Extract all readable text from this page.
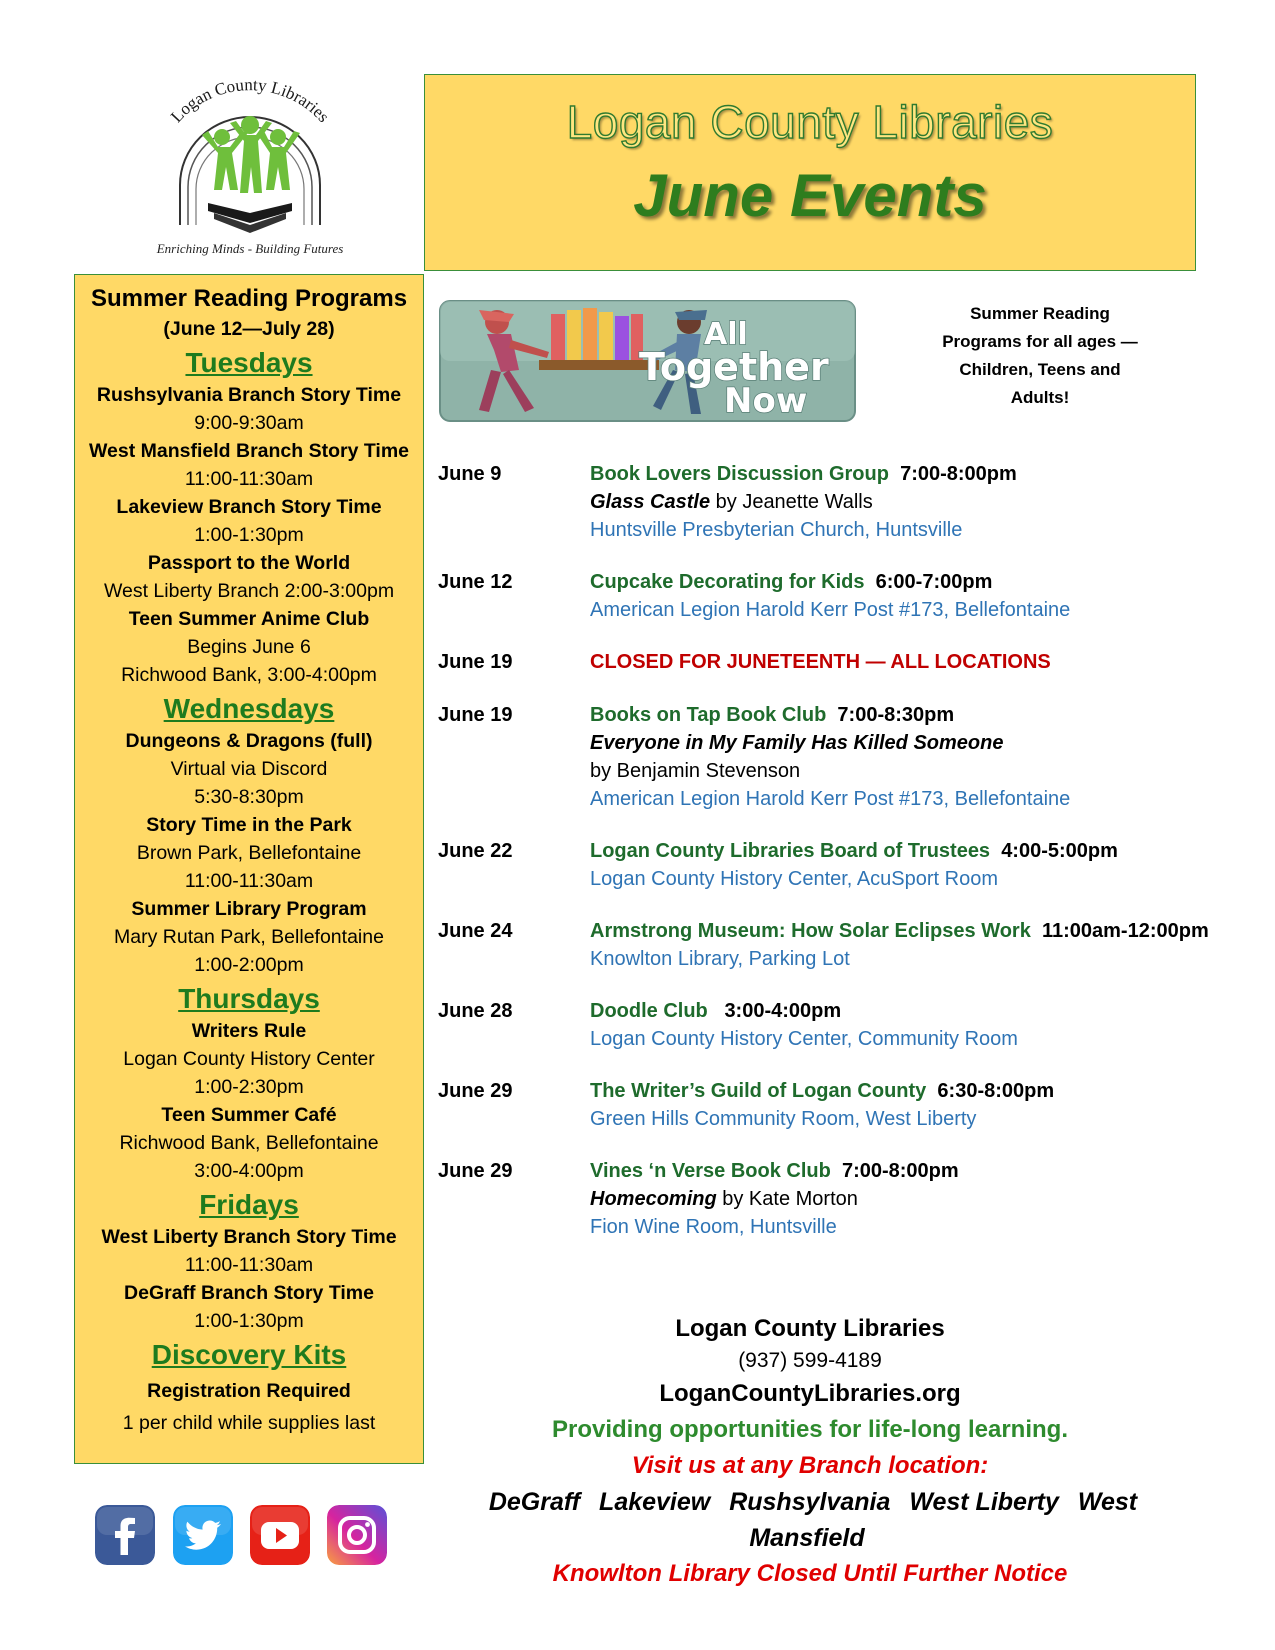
Logan County Libraries
Enriching Minds - Building Futures
Logan County Libraries
June Events
Summer Reading Programs
(June 12—July 28)
Tuesdays
Rushsylvania Branch Story Time
9:00-9:30am
West Mansfield Branch Story Time
11:00-11:30am
Lakeview Branch Story Time
1:00-1:30pm
Passport to the World
West Liberty Branch 2:00-3:00pm
Teen Summer Anime Club
Begins June 6
Richwood Bank, 3:00-4:00pm
Wednesdays
Dungeons & Dragons (full)
Virtual via Discord
5:30-8:30pm
Story Time in the Park
Brown Park, Bellefontaine
11:00-11:30am
Summer Library Program
Mary Rutan Park, Bellefontaine
1:00-2:00pm
Thursdays
Writers Rule
Logan County History Center
1:00-2:30pm
Teen Summer Café
Richwood Bank, Bellefontaine
3:00-4:00pm
Fridays
West Liberty Branch Story Time
11:00-11:30am
DeGraff Branch Story Time
1:00-1:30pm
Discovery Kits
Registration Required
1 per child while supplies last
All
Together
Now
Summer Reading
Programs for all ages —
Children, Teens and
Adults!
June 9	Book Lovers Discussion Group 7:00-8:00pm
Glass Castle by Jeanette Walls
Huntsville Presbyterian Church, Huntsville
June 12	Cupcake Decorating for Kids 6:00-7:00pm
American Legion Harold Kerr Post #173, Bellefontaine
June 19	CLOSED FOR JUNETEENTH — ALL LOCATIONS
June 19	Books on Tap Book Club 7:00-8:30pm
Everyone in My Family Has Killed Someone
by Benjamin Stevenson
American Legion Harold Kerr Post #173, Bellefontaine
June 22	Logan County Libraries Board of Trustees 4:00-5:00pm
Logan County History Center, AcuSport Room
June 24	Armstrong Museum: How Solar Eclipses Work 11:00am-12:00pm
Knowlton Library, Parking Lot
June 28	Doodle Club 3:00-4:00pm
Logan County History Center, Community Room
June 29	The Writer’s Guild of Logan County 6:30-8:00pm
Green Hills Community Room, West Liberty
June 29	Vines ‘n Verse Book Club 7:00-8:00pm
Homecoming by Kate Morton
Fion Wine Room, Huntsville
Logan County Libraries
(937) 599-4189
LoganCountyLibraries.org
Providing opportunities for life-long learning.
Visit us at any Branch location:
DeGraff Lakeview Rushsylvania West Liberty West Mansfield
Knowlton Library Closed Until Further Notice
